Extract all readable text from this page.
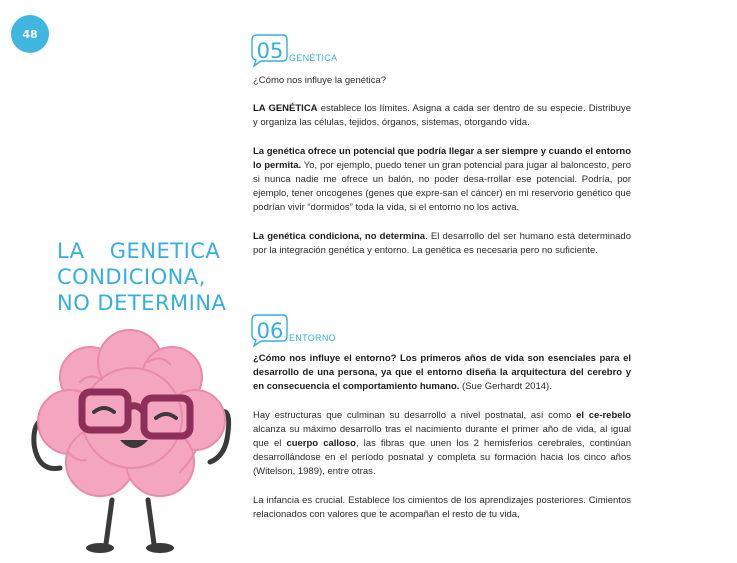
48
LA GENETICA
CONDICIONA,
NO DETERMINA
05 GENÉTICA

¿Cómo nos influye la genética?

LA GENÉTICA establece los límites. Asigna a cada ser dentro de su especie. Distribuye y organiza las células, tejidos, órganos, sistemas, otorgando vida.

La genética ofrece un potencial que podría llegar a ser siempre y cuando el entorno lo permita. Yo, por ejemplo, puedo tener un gran potencial para jugar al baloncesto, pero si nunca nadie me ofrece un balón, no poder desa-rrollar ese potencial. Podría, por ejemplo, tener oncogenes (genes que expre-san el cáncer) en mi reservorio genético que podrían vivir “dormidos” toda la vida, si el entorno no los activa.

La genética condiciona, no determina. El desarrollo del ser humano está determinado por la integración genética y entorno. La genética es necesaria pero no suficiente.

06 ENTORNO

¿Cómo nos influye el entorno? Los primeros años de vida son esenciales para el desarrollo de una persona, ya que el entorno diseña la arquitectura del cerebro y en consecuencia el comportamiento humano. (Sue Gerhardt 2014).

Hay estructuras que culminan su desarrollo a nivel postnatal, así como el ce-rebelo alcanza su máximo desarrollo tras el nacimiento durante el primer año de vida, al igual que el cuerpo calloso, las fibras que unen los 2 hemisferios cerebrales, continúan desarrollándose en el período posnatal y completa su formación hacia los cinco años (Witelson, 1989), entre otras.

La infancia es crucial. Establece los cimientos de los aprendizajes posteriores. Cimientos relacionados con valores que te acompañan el resto de tu vida,
